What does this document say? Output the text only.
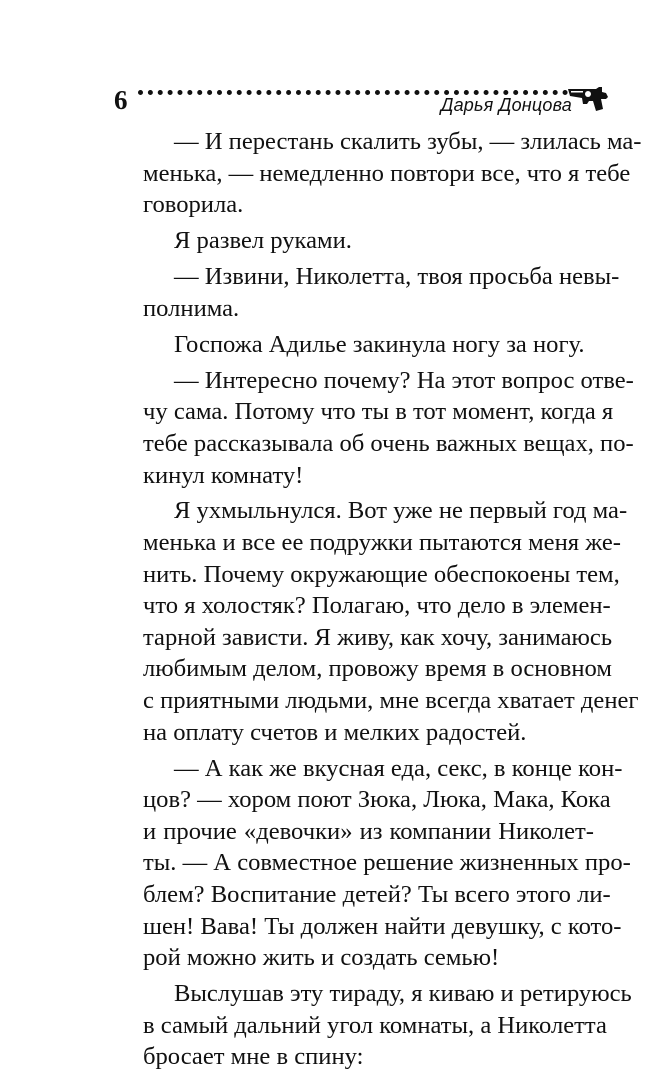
6	Дарья Донцова
— И перестань скалить зубы, — злилась ма-
менька, — немедленно повтори все, что я тебе
говорила.
Я развел руками.
— Извини, Николетта, твоя просьба невы-
полнима.
Госпожа Адилье закинула ногу за ногу.
— Интересно почему? На этот вопрос отве-
чу сама. Потому что ты в тот момент, когда я
тебе рассказывала об очень важных вещах, по-
кинул комнату!
Я ухмыльнулся. Вот уже не первый год ма-
менька и все ее подружки пытаются меня же-
нить. Почему окружающие обеспокоены тем,
что я холостяк? Полагаю, что дело в элемен-
тарной зависти. Я живу, как хочу, занимаюсь
любимым делом, провожу время в основном
с приятными людьми, мне всегда хватает денег
на оплату счетов и мелких радостей.
— А как же вкусная еда, секс, в конце кон-
цов? — хором поют Зюка, Люка, Мака, Кока
и прочие «девочки» из компании Николет-
ты. — А совместное решение жизненных про-
блем? Воспитание детей? Ты всего этого ли-
шен! Вава! Ты должен найти девушку, с кото-
рой можно жить и создать семью!
Выслушав эту тираду, я киваю и ретируюсь
в самый дальний угол комнаты, а Николетта
бросает мне в спину:
